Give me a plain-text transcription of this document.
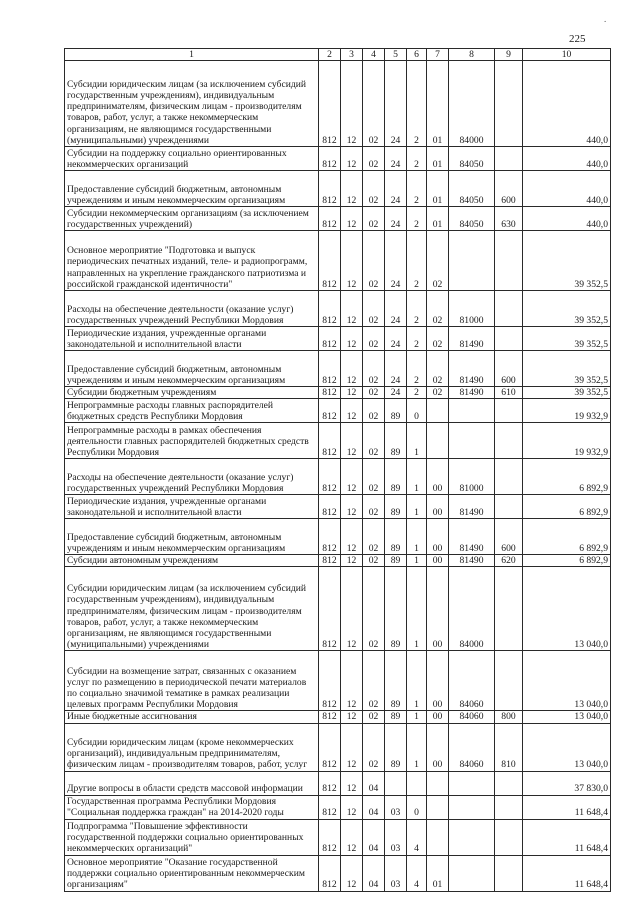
.
225
1	2	3	4	5	6	7	8	9	10
Субсидии юридическим лицам (за исключением субсидий государственным учреждениям), индивидуальным предпринимателям, физическим лицам - производителям товаров, работ, услуг, а также некоммерческим организациям, не являющимся государственными (муниципальными) учреждениями	812	12	02	24	2	01	84000		440,0
Субсидии на поддержку социально ориентированных некоммерческих организаций	812	12	02	24	2	01	84050		440,0
Предоставление субсидий бюджетным, автономным учреждениям и иным некоммерческим организациям	812	12	02	24	2	01	84050	600	440,0
Субсидии некоммерческим организациям (за исключением государственных учреждений)	812	12	02	24	2	01	84050	630	440,0
Основное мероприятие "Подготовка и выпуск периодических печатных изданий, теле- и радиопрограмм, направленных на укрепление гражданского патриотизма и российской гражданской идентичности"	812	12	02	24	2	02			39 352,5
Расходы на обеспечение деятельности (оказание услуг) государственных учреждений Республики Мордовия	812	12	02	24	2	02	81000		39 352,5
Периодические издания, учрежденные органами законодательной и исполнительной власти	812	12	02	24	2	02	81490		39 352,5
Предоставление субсидий бюджетным, автономным учреждениям и иным некоммерческим организациям	812	12	02	24	2	02	81490	600	39 352,5
Субсидии бюджетным учреждениям	812	12	02	24	2	02	81490	610	39 352,5
Непрограммные расходы главных распорядителей бюджетных средств Республики Мордовия	812	12	02	89	0				19 932,9
Непрограммные расходы в рамках обеспечения деятельности главных распорядителей бюджетных средств Республики Мордовия	812	12	02	89	1				19 932,9
Расходы на обеспечение деятельности (оказание услуг) государственных учреждений Республики Мордовия	812	12	02	89	1	00	81000		6 892,9
Периодические издания, учрежденные органами законодательной и исполнительной власти	812	12	02	89	1	00	81490		6 892,9
Предоставление субсидий бюджетным, автономным учреждениям и иным некоммерческим организациям	812	12	02	89	1	00	81490	600	6 892,9
Субсидии автономным учреждениям	812	12	02	89	1	00	81490	620	6 892,9
Субсидии юридическим лицам (за исключением субсидий государственным учреждениям), индивидуальным предпринимателям, физическим лицам - производителям товаров, работ, услуг, а также некоммерческим организациям, не являющимся государственными (муниципальными) учреждениями	812	12	02	89	1	00	84000		13 040,0
Субсидии на возмещение затрат, связанных с оказанием услуг по размещению в периодической печати материалов по социально значимой тематике в рамках реализации целевых программ Республики Мордовия	812	12	02	89	1	00	84060		13 040,0
Иные бюджетные ассигнования	812	12	02	89	1	00	84060	800	13 040,0
Субсидии юридическим лицам (кроме некоммерческих организаций), индивидуальным предпринимателям, физическим лицам - производителям товаров, работ, услуг	812	12	02	89	1	00	84060	810	13 040,0
Другие вопросы в области средств массовой информации	812	12	04						37 830,0
Государственная программа Республики Мордовия "Социальная поддержка граждан" на 2014-2020 годы	812	12	04	03	0				11 648,4
Подпрограмма "Повышение эффективности государственной поддержки социально ориентированных некоммерческих организаций"	812	12	04	03	4				11 648,4
Основное мероприятие "Оказание государственной поддержки социально ориентированным некоммерческим организациям"	812	12	04	03	4	01			11 648,4
